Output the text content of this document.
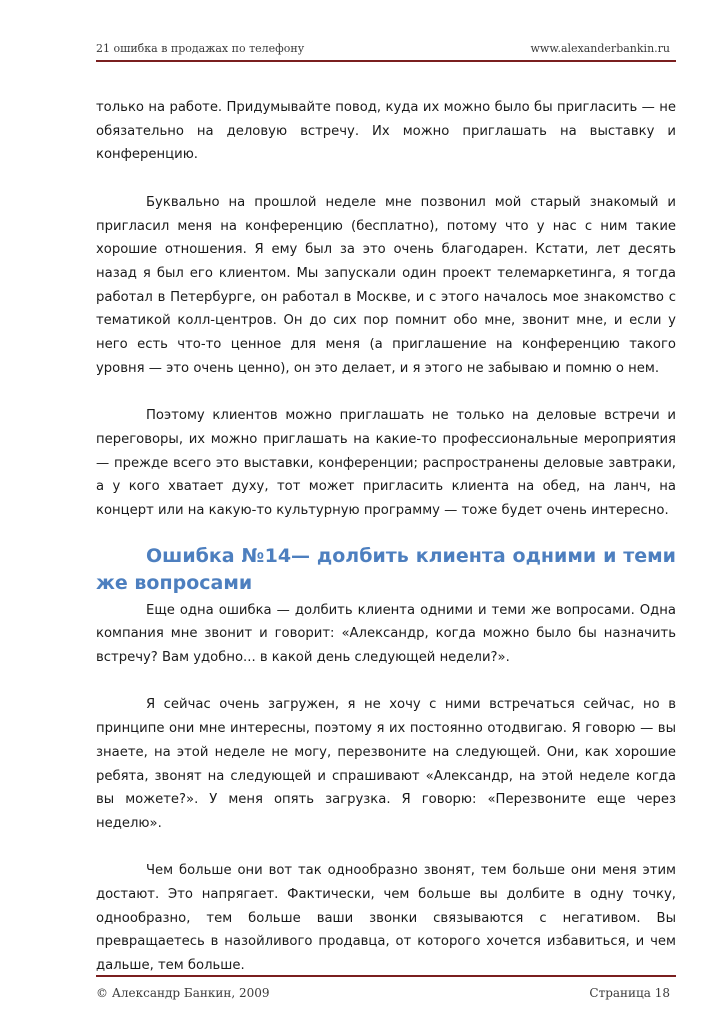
21 ошибка в продажах по телефону	www.alexanderbankin.ru

только на работе. Придумывайте повод, куда их можно было бы пригласить — не обязательно на деловую встречу. Их можно приглашать на выставку и конференцию.

Буквально на прошлой неделе мне позвонил мой старый знакомый и пригласил меня на конференцию (бесплатно), потому что у нас с ним такие хорошие отношения. Я ему был за это очень благодарен. Кстати, лет десять назад я был его клиентом. Мы запускали один проект телемаркетинга, я тогда работал в Петербурге, он работал в Москве, и с этого началось мое знакомство с тематикой колл-центров. Он до сих пор помнит обо мне, звонит мне, и если у него есть что-то ценное для меня (а приглашение на конференцию такого уровня — это очень ценно), он это делает, и я этого не забываю и помню о нем.

Поэтому клиентов можно приглашать не только на деловые встречи и переговоры, их можно приглашать на какие-то профессиональные мероприятия — прежде всего это выставки, конференции; распространены деловые завтраки, а у кого хватает духу, тот может пригласить клиента на обед, на ланч, на концерт или на какую-то культурную программу — тоже будет очень интересно.

Ошибка №14— долбить клиента одними и теми же вопросами

Еще одна ошибка — долбить клиента одними и теми же вопросами. Одна компания мне звонит и говорит: «Александр, когда можно было бы назначить встречу? Вам удобно... в какой день следующей недели?».

Я сейчас очень загружен, я не хочу с ними встречаться сейчас, но в принципе они мне интересны, поэтому я их постоянно отодвигаю. Я говорю — вы знаете, на этой неделе не могу, перезвоните на следующей. Они, как хорошие ребята, звонят на следующей и спрашивают «Александр, на этой неделе когда вы можете?». У меня опять загрузка. Я говорю: «Перезвоните еще через неделю».

Чем больше они вот так однообразно звонят, тем больше они меня этим достают. Это напрягает. Фактически, чем больше вы долбите в одну точку, однообразно, тем больше ваши звонки связываются с негативом. Вы превращаетесь в назойливого продавца, от которого хочется избавиться, и чем дальше, тем больше.

© Александр Банкин, 2009	Страница 18
